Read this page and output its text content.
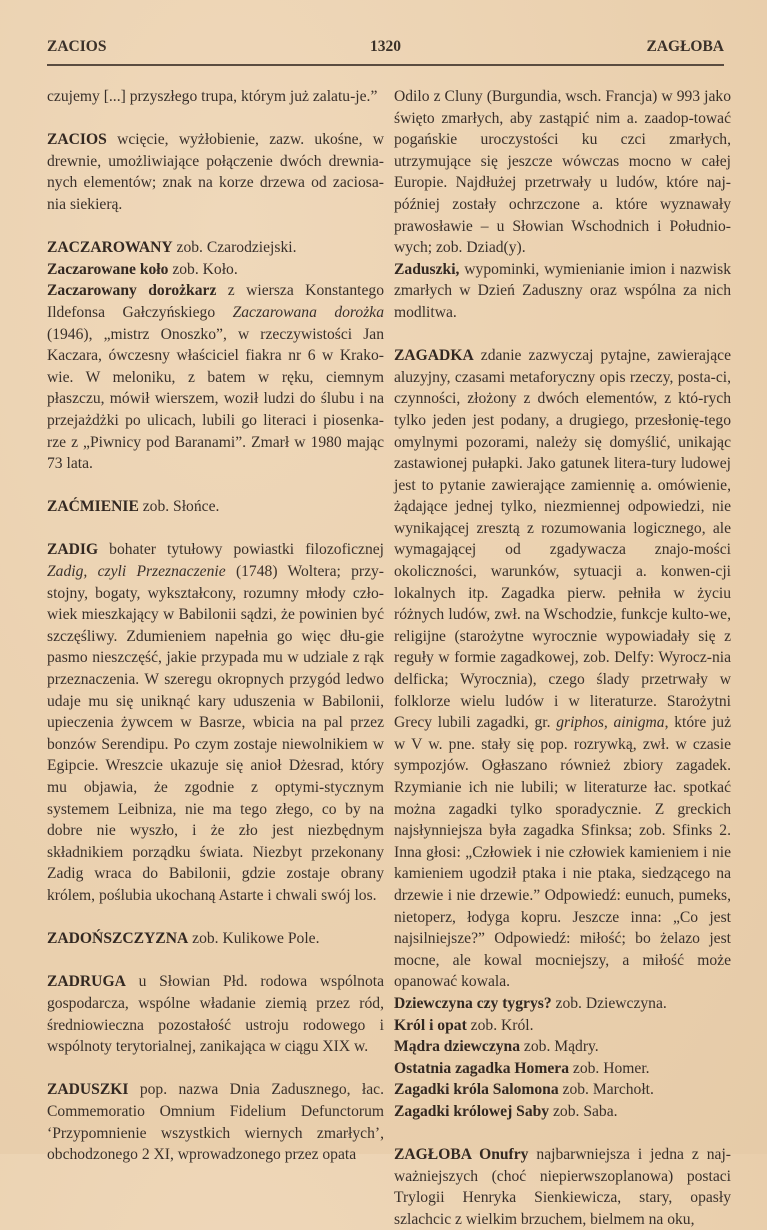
ZACIOS	1320	ZAGŁOBA

czujemy [...] przyszłego trupa, którym już zalatu-je.”

ZACIOS wcięcie, wyżłobienie, zazw. ukośne, w drewnie, umożliwiające połączenie dwóch drewnia-nych elementów; znak na korze drzewa od zaciosa-nia siekierą.

ZACZAROWANY zob. Czarodziejski.

Zaczarowane koło zob. Koło.

Zaczarowany dorożkarz z wiersza Konstantego Ildefonsa Gałczyńskiego Zaczarowana dorożka (1946), „mistrz Onoszko”, w rzeczywistości Jan Kaczara, ówczesny właściciel fiakra nr 6 w Krako-wie. W meloniku, z batem w ręku, ciemnym płaszczu, mówił wierszem, woził ludzi do ślubu i na przejażdżki po ulicach, lubili go literaci i piosenka-rze z „Piwnicy pod Baranami”. Zmarł w 1980 mając 73 lata.

ZAĆMIENIE zob. Słońce.

ZADIG bohater tytułowy powiastki filozoficznej Zadig, czyli Przeznaczenie (1748) Woltera; przy-stojny, bogaty, wykształcony, rozumny młody czło-wiek mieszkający w Babilonii sądzi, że powinien być szczęśliwy. Zdumieniem napełnia go więc dłu-gie pasmo nieszczęść, jakie przypada mu w udziale z rąk przeznaczenia. W szeregu okropnych przygód ledwo udaje mu się uniknąć kary uduszenia w Babilonii, upieczenia żywcem w Basrze, wbicia na pal przez bonzów Serendipu. Po czym zostaje niewolnikiem w Egipcie. Wreszcie ukazuje się anioł Dżesrad, który mu objawia, że zgodnie z optymi-stycznym systemem Leibniza, nie ma tego złego, co by na dobre nie wyszło, i że zło jest niezbędnym składnikiem porządku świata. Niezbyt przekonany Zadig wraca do Babilonii, gdzie zostaje obrany królem, poślubia ukochaną Astarte i chwali swój los.

ZADOŃSZCZYZNA zob. Kulikowe Pole.

ZADRUGA u Słowian Płd. rodowa wspólnota gospodarcza, wspólne władanie ziemią przez ród, średniowieczna pozostałość ustroju rodowego i wspólnoty terytorialnej, zanikająca w ciągu XIX w.

ZADUSZKI pop. nazwa Dnia Zadusznego, łac. Commemoratio Omnium Fidelium Defunctorum ‘Przypomnienie wszystkich wiernych zmarłych’, obchodzonego 2 XI, wprowadzonego przez opata

Odilo z Cluny (Burgundia, wsch. Francja) w 993 jako święto zmarłych, aby zastąpić nim a. zaadop-tować pogańskie uroczystości ku czci zmarłych, utrzymujące się jeszcze wówczas mocno w całej Europie. Najdłużej przetrwały u ludów, które naj-później zostały ochrzczone a. które wyznawały prawosławie – u Słowian Wschodnich i Południo-wych; zob. Dziad(y).

Zaduszki, wypominki, wymienianie imion i nazwisk zmarłych w Dzień Zaduszny oraz wspólna za nich modlitwa.

ZAGADKA zdanie zazwyczaj pytajne, zawierające aluzyjny, czasami metaforyczny opis rzeczy, posta-ci, czynności, złożony z dwóch elementów, z któ-rych tylko jeden jest podany, a drugiego, przesłonię-tego omylnymi pozorami, należy się domyślić, unikając zastawionej pułapki. Jako gatunek litera-tury ludowej jest to pytanie zawierające zamiennię a. omówienie, żądające jednej tylko, niezmiennej odpowiedzi, nie wynikającej zresztą z rozumowania logicznego, ale wymagającej od zgadywacza znajo-mości okoliczności, warunków, sytuacji a. konwen-cji lokalnych itp. Zagadka pierw. pełniła w życiu różnych ludów, zwł. na Wschodzie, funkcje kulto-we, religijne (starożytne wyrocznie wypowiadały się z reguły w formie zagadkowej, zob. Delfy: Wyrocz-nia delficka; Wyrocznia), czego ślady przetrwały w folklorze wielu ludów i w literaturze. Starożytni Grecy lubili zagadki, gr. griphos, ainigma, które już w V w. pne. stały się pop. rozrywką, zwł. w czasie sympozjów. Ogłaszano również zbiory zagadek. Rzymianie ich nie lubili; w literaturze łac. spotkać można zagadki tylko sporadycznie. Z greckich najsłynniejsza była zagadka Sfinksa; zob. Sfinks 2. Inna głosi: „Człowiek i nie człowiek kamieniem i nie kamieniem ugodził ptaka i nie ptaka, siedzącego na drzewie i nie drzewie.” Odpowiedź: eunuch, pumeks, nietoperz, łodyga kopru. Jeszcze inna: „Co jest najsilniejsze?” Odpowiedź: miłość; bo żelazo jest mocne, ale kowal mocniejszy, a miłość może opanować kowala.

Dziewczyna czy tygrys? zob. Dziewczyna.

Król i opat zob. Król.

Mądra dziewczyna zob. Mądry.

Ostatnia zagadka Homera zob. Homer.

Zagadki króla Salomona zob. Marchołt.

Zagadki królowej Saby zob. Saba.

ZAGŁOBA Onufry najbarwniejsza i jedna z naj-ważniejszych (choć niepierwszoplanowa) postaci Trylogii Henryka Sienkiewicza, stary, opasły szlachcic z wielkim brzuchem, bielmem na oku,
